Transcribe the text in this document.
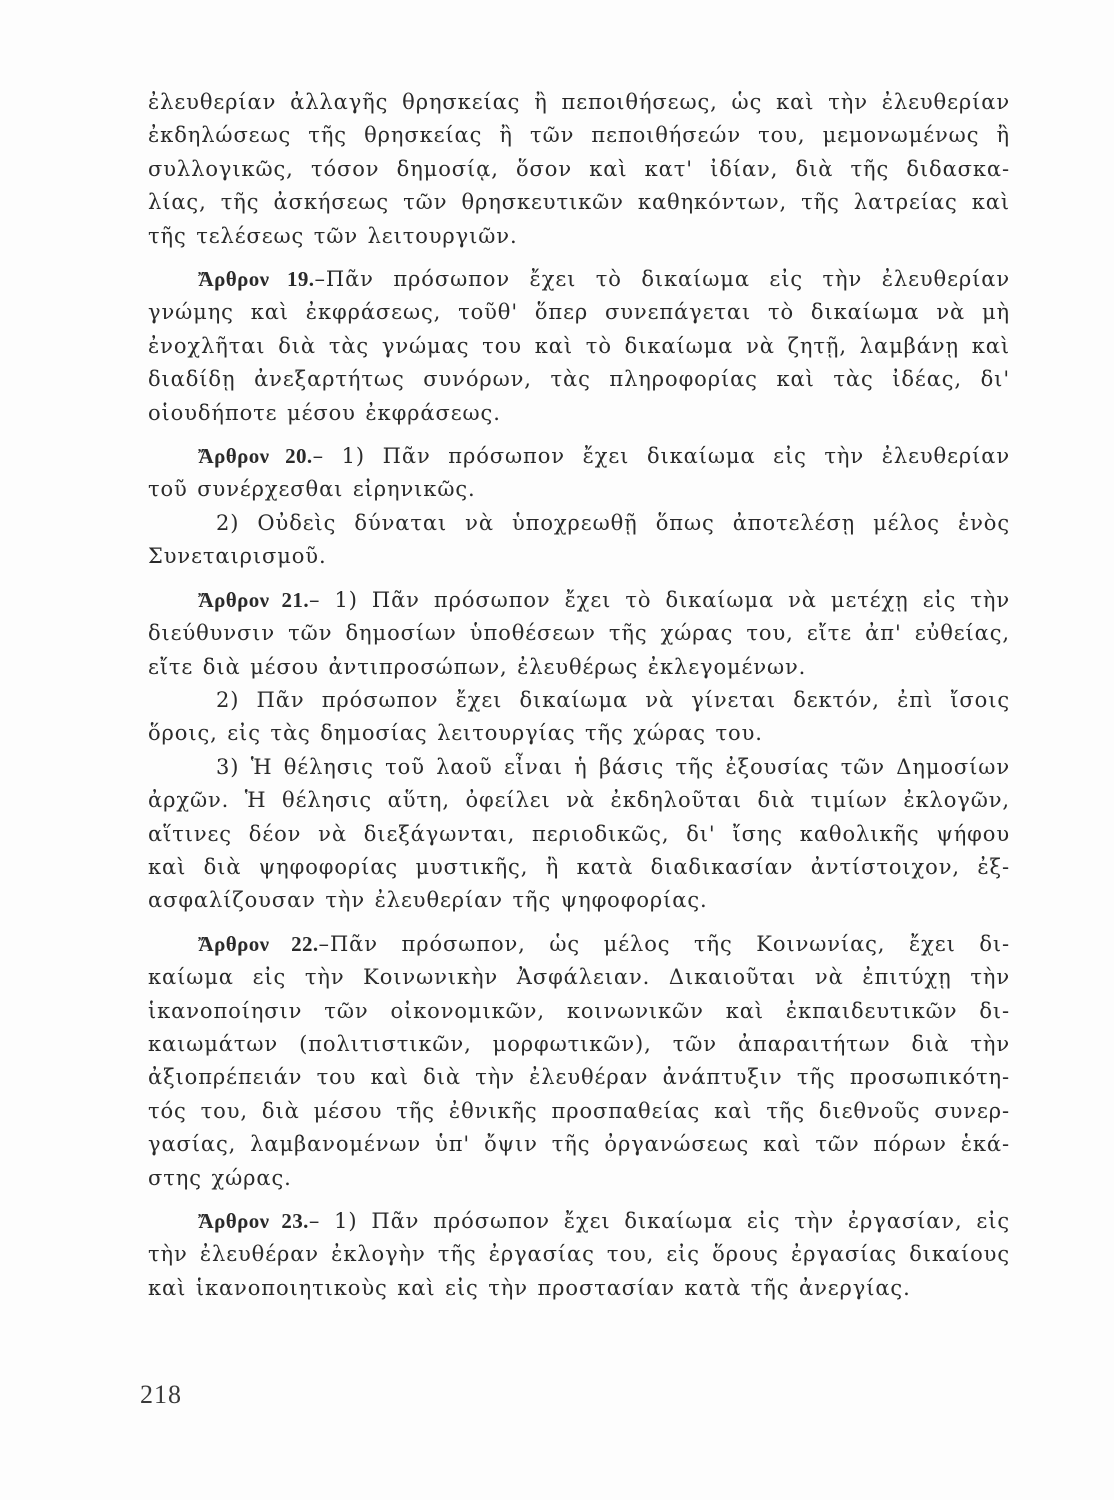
ἐλευθερίαν ἀλλαγῆς θρησκείας ἢ πεποιθήσεως, ὡς καὶ τὴν ἐλευθερίαν
ἐκδηλώσεως τῆς θρησκείας ἢ τῶν πεποιθήσεών του, μεμονωμένως ἢ
συλλογικῶς, τόσον δημοσίᾳ, ὅσον καὶ κατ' ἰδίαν, διὰ τῆς διδασκα-
λίας, τῆς ἀσκήσεως τῶν θρησκευτικῶν καθηκόντων, τῆς λατρείας καὶ
τῆς τελέσεως τῶν λειτουργιῶν.
Ἄρθρον 19.–Πᾶν πρόσωπον ἔχει τὸ δικαίωμα εἰς τὴν ἐλευθερίαν
γνώμης καὶ ἐκφράσεως, τοῦθ' ὅπερ συνεπάγεται τὸ δικαίωμα νὰ μὴ
ἐνοχλῆται διὰ τὰς γνώμας του καὶ τὸ δικαίωμα νὰ ζητῇ, λαμβάνῃ καὶ
διαδίδῃ ἀνεξαρτήτως συνόρων, τὰς πληροφορίας καὶ τὰς ἰδέας, δι'
οἱουδήποτε μέσου ἐκφράσεως.
Ἄρθρον 20.– 1) Πᾶν πρόσωπον ἔχει δικαίωμα εἰς τὴν ἐλευθερίαν
τοῦ συνέρχεσθαι εἰρηνικῶς.
2) Οὐδεὶς δύναται νὰ ὑποχρεωθῇ ὅπως ἀποτελέσῃ μέλος ἑνὸς
Συνεταιρισμοῦ.
Ἄρθρον 21.– 1) Πᾶν πρόσωπον ἔχει τὸ δικαίωμα νὰ μετέχῃ εἰς τὴν
διεύθυνσιν τῶν δημοσίων ὑποθέσεων τῆς χώρας του, εἴτε ἀπ' εὐθείας,
εἴτε διὰ μέσου ἀντιπροσώπων, ἐλευθέρως ἐκλεγομένων.
2) Πᾶν πρόσωπον ἔχει δικαίωμα νὰ γίνεται δεκτόν, ἐπὶ ἴσοις
ὅροις, εἰς τὰς δημοσίας λειτουργίας τῆς χώρας του.
3) Ἡ θέλησις τοῦ λαοῦ εἶναι ἡ βάσις τῆς ἐξουσίας τῶν Δημοσίων
ἀρχῶν. Ἡ θέλησις αὕτη, ὀφείλει νὰ ἐκδηλοῦται διὰ τιμίων ἐκλογῶν,
αἵτινες δέον νὰ διεξάγωνται, περιοδικῶς, δι' ἴσης καθολικῆς ψήφου
καὶ διὰ ψηφοφορίας μυστικῆς, ἢ κατὰ διαδικασίαν ἀντίστοιχον, ἐξ-
ασφαλίζουσαν τὴν ἐλευθερίαν τῆς ψηφοφορίας.
Ἄρθρον 22.–Πᾶν πρόσωπον, ὡς μέλος τῆς Κοινωνίας, ἔχει δι-
καίωμα εἰς τὴν Κοινωνικὴν Ἀσφάλειαν. Δικαιοῦται νὰ ἐπιτύχῃ τὴν
ἱκανοποίησιν τῶν οἰκονομικῶν, κοινωνικῶν καὶ ἐκπαιδευτικῶν δι-
καιωμάτων (πολιτιστικῶν, μορφωτικῶν), τῶν ἀπαραιτήτων διὰ τὴν
ἀξιοπρέπειάν του καὶ διὰ τὴν ἐλευθέραν ἀνάπτυξιν τῆς προσωπικότη-
τός του, διὰ μέσου τῆς ἐθνικῆς προσπαθείας καὶ τῆς διεθνοῦς συνερ-
γασίας, λαμβανομένων ὑπ' ὄψιν τῆς ὀργανώσεως καὶ τῶν πόρων ἑκά-
στης χώρας.
Ἄρθρον 23.– 1) Πᾶν πρόσωπον ἔχει δικαίωμα εἰς τὴν ἐργασίαν, εἰς
τὴν ἐλευθέραν ἐκλογὴν τῆς ἐργασίας του, εἰς ὅρους ἐργασίας δικαίους
καὶ ἱκανοποιητικοὺς καὶ εἰς τὴν προστασίαν κατὰ τῆς ἀνεργίας.
218
